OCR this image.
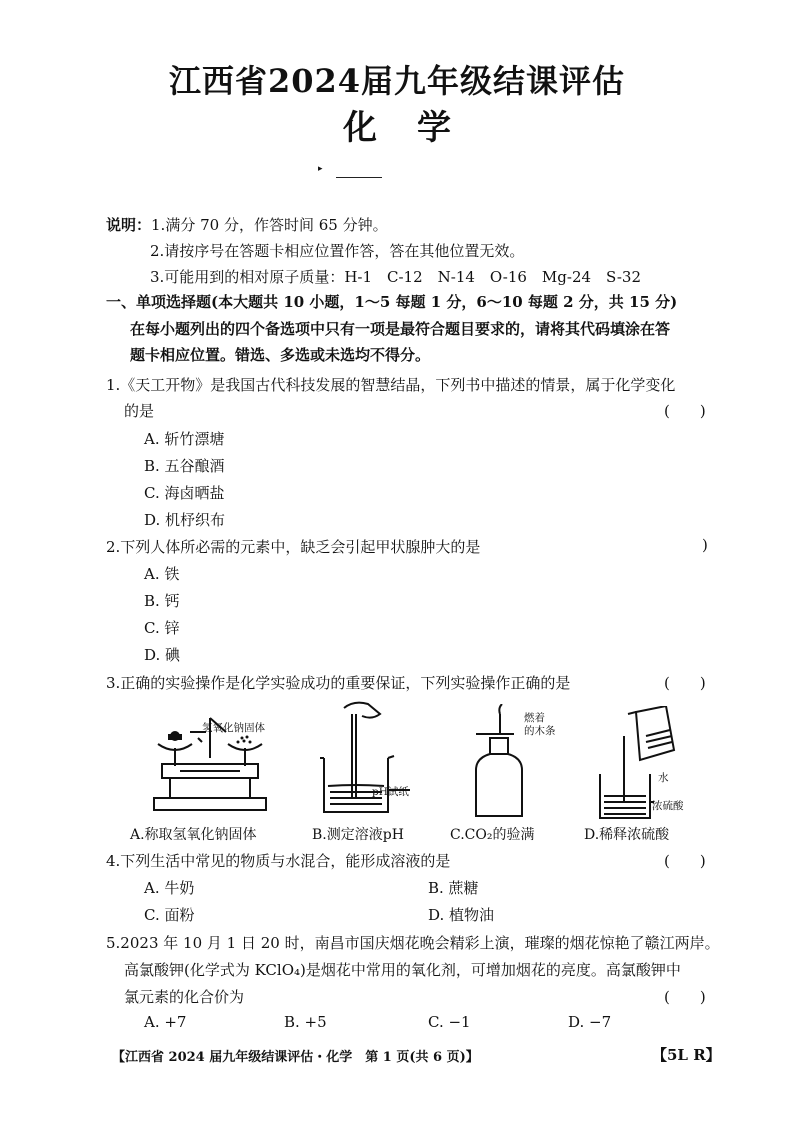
江西省2024届九年级结课评估
化学
▸
说明：1.满分 70 分，作答时间 65 分钟。
2.请按序号在答题卡相应位置作答，答在其他位置无效。
3.可能用到的相对原子质量：H-1　C-12　N-14　O-16　Mg-24　S-32
一、单项选择题(本大题共 10 小题，1～5 每题 1 分，6～10 每题 2 分，共 15 分)
在每小题列出的四个备选项中只有一项是最符合题目要求的，请将其代码填涂在答
题卡相应位置。错选、多选或未选均不得分。
1.《天工开物》是我国古代科技发展的智慧结晶，下列书中描述的情景，属于化学变化
的是	(　　)
A. 斩竹漂塘
B. 五谷酿酒
C. 海卤晒盐
D. 机杼织布
2.下列人体所必需的元素中，缺乏会引起甲状腺肿大的是	)
A. 铁
B. 钙
C. 锌
D. 碘
3.正确的实验操作是化学实验成功的重要保证，下列实验操作正确的是	(　　)
氢氧化钠固体
pH试纸
燃着
的木条
水
浓硫酸
A.称取氢氧化钠固体	B.测定溶液pH	C.CO₂的验满	D.稀释浓硫酸
4.下列生活中常见的物质与水混合，能形成溶液的是	(　　)
A. 牛奶	B. 蔗糖
C. 面粉	D. 植物油
5.2023 年 10 月 1 日 20 时，南昌市国庆烟花晚会精彩上演，璀璨的烟花惊艳了赣江两岸。
高氯酸钾(化学式为 KClO₄)是烟花中常用的氧化剂，可增加烟花的亮度。高氯酸钾中
氯元素的化合价为	(　　)
A. +7	B. +5	C. −1	D. −7
【江西省 2024 届九年级结课评估・化学　第 1 页(共 6 页)】	【5L R】
